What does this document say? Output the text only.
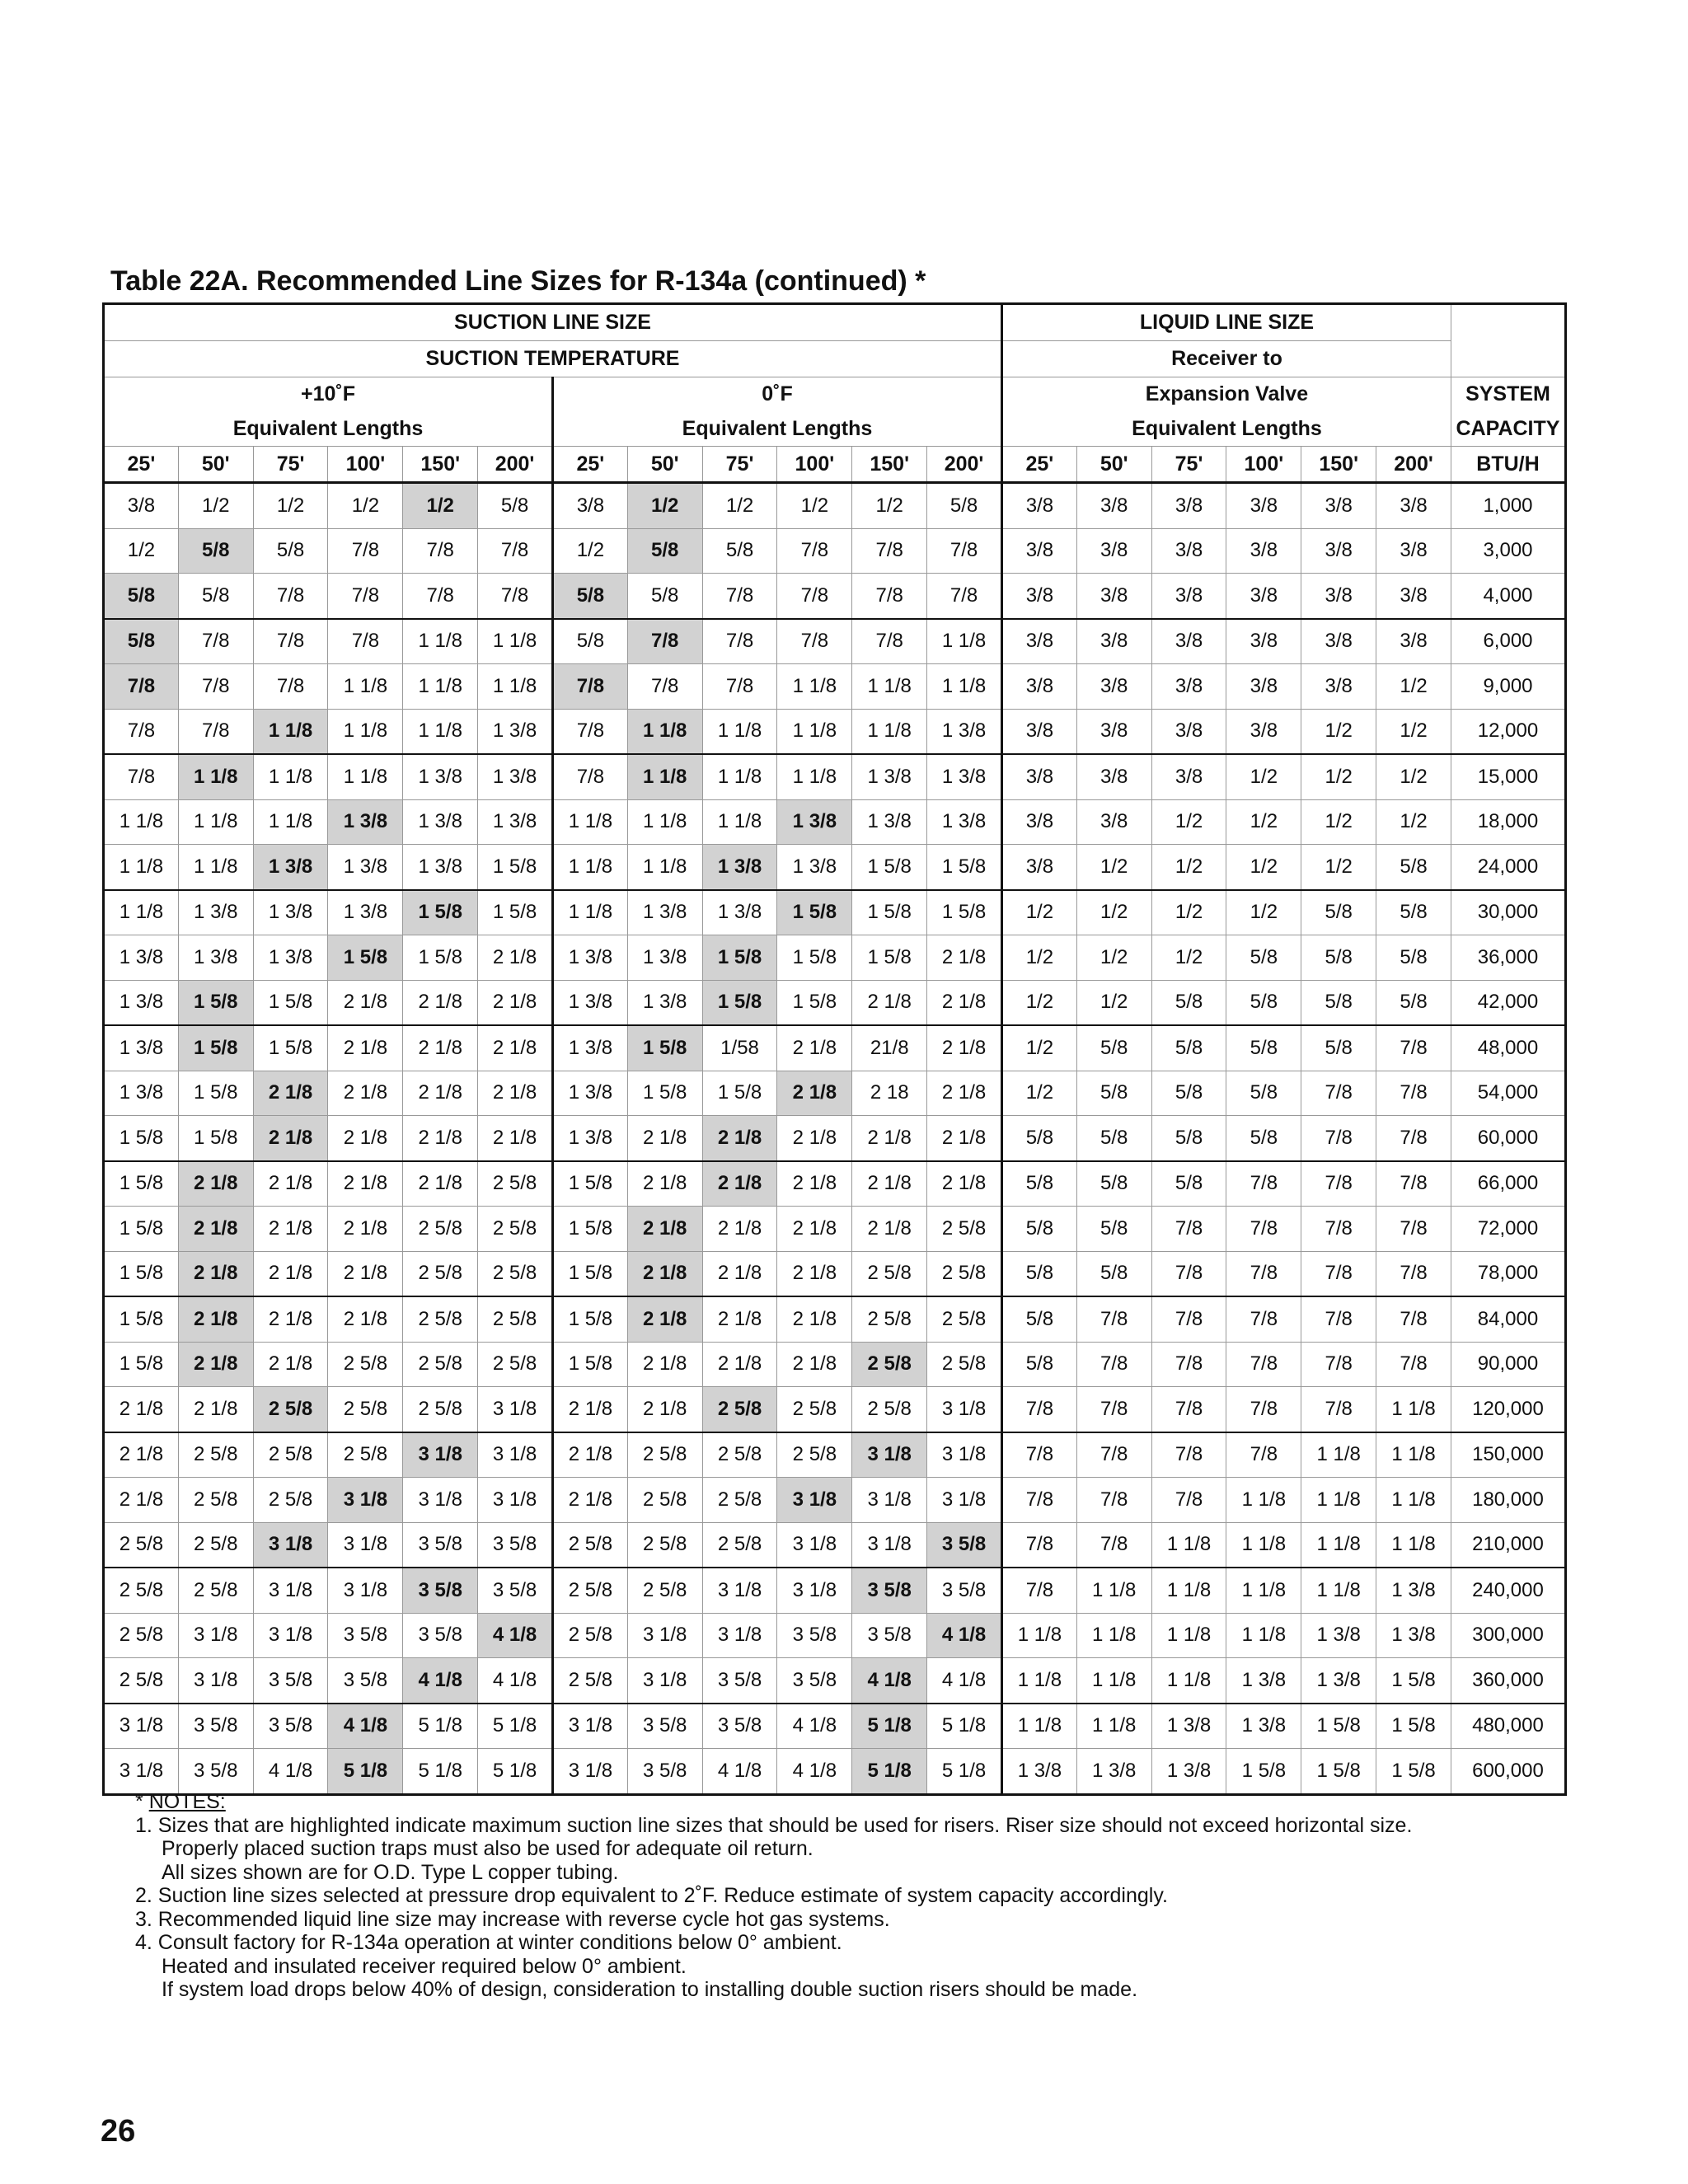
Table 22A. Recommended Line Sizes for R-134a (continued) *
SUCTION LINE SIZE												LIQUID LINE SIZE						
SUCTION TEMPERATURE												Receiver to						
+10˚F						0˚F						Expansion Valve						SYSTEM
Equivalent Lengths						Equivalent Lengths						Equivalent Lengths						CAPACITY
25'	50'	75'	100'	150'	200'	25'	50'	75'	100'	150'	200'	25'	50'	75'	100'	150'	200'	BTU/H
3/8	1/2	1/2	1/2	1/2	5/8	3/8	1/2	1/2	1/2	1/2	5/8	3/8	3/8	3/8	3/8	3/8	3/8	1,000
1/2	5/8	5/8	7/8	7/8	7/8	1/2	5/8	5/8	7/8	7/8	7/8	3/8	3/8	3/8	3/8	3/8	3/8	3,000
5/8	5/8	7/8	7/8	7/8	7/8	5/8	5/8	7/8	7/8	7/8	7/8	3/8	3/8	3/8	3/8	3/8	3/8	4,000
5/8	7/8	7/8	7/8	1 1/8	1 1/8	5/8	7/8	7/8	7/8	7/8	1 1/8	3/8	3/8	3/8	3/8	3/8	3/8	6,000
7/8	7/8	7/8	1 1/8	1 1/8	1 1/8	7/8	7/8	7/8	1 1/8	1 1/8	1 1/8	3/8	3/8	3/8	3/8	3/8	1/2	9,000
7/8	7/8	1 1/8	1 1/8	1 1/8	1 3/8	7/8	1 1/8	1 1/8	1 1/8	1 1/8	1 3/8	3/8	3/8	3/8	3/8	1/2	1/2	12,000
7/8	1 1/8	1 1/8	1 1/8	1 3/8	1 3/8	7/8	1 1/8	1 1/8	1 1/8	1 3/8	1 3/8	3/8	3/8	3/8	1/2	1/2	1/2	15,000
1 1/8	1 1/8	1 1/8	1 3/8	1 3/8	1 3/8	1 1/8	1 1/8	1 1/8	1 3/8	1 3/8	1 3/8	3/8	3/8	1/2	1/2	1/2	1/2	18,000
1 1/8	1 1/8	1 3/8	1 3/8	1 3/8	1 5/8	1 1/8	1 1/8	1 3/8	1 3/8	1 5/8	1 5/8	3/8	1/2	1/2	1/2	1/2	5/8	24,000
1 1/8	1 3/8	1 3/8	1 3/8	1 5/8	1 5/8	1 1/8	1 3/8	1 3/8	1 5/8	1 5/8	1 5/8	1/2	1/2	1/2	1/2	5/8	5/8	30,000
1 3/8	1 3/8	1 3/8	1 5/8	1 5/8	2 1/8	1 3/8	1 3/8	1 5/8	1 5/8	1 5/8	2 1/8	1/2	1/2	1/2	5/8	5/8	5/8	36,000
1 3/8	1 5/8	1 5/8	2 1/8	2 1/8	2 1/8	1 3/8	1 3/8	1 5/8	1 5/8	2 1/8	2 1/8	1/2	1/2	5/8	5/8	5/8	5/8	42,000
1 3/8	1 5/8	1 5/8	2 1/8	2 1/8	2 1/8	1 3/8	1 5/8	1/58	2 1/8	21/8	2 1/8	1/2	5/8	5/8	5/8	5/8	7/8	48,000
1 3/8	1 5/8	2 1/8	2 1/8	2 1/8	2 1/8	1 3/8	1 5/8	1 5/8	2 1/8	2 18	2 1/8	1/2	5/8	5/8	5/8	7/8	7/8	54,000
1 5/8	1 5/8	2 1/8	2 1/8	2 1/8	2 1/8	1 3/8	2 1/8	2 1/8	2 1/8	2 1/8	2 1/8	5/8	5/8	5/8	5/8	7/8	7/8	60,000
1 5/8	2 1/8	2 1/8	2 1/8	2 1/8	2 5/8	1 5/8	2 1/8	2 1/8	2 1/8	2 1/8	2 1/8	5/8	5/8	5/8	7/8	7/8	7/8	66,000
1 5/8	2 1/8	2 1/8	2 1/8	2 5/8	2 5/8	1 5/8	2 1/8	2 1/8	2 1/8	2 1/8	2 5/8	5/8	5/8	7/8	7/8	7/8	7/8	72,000
1 5/8	2 1/8	2 1/8	2 1/8	2 5/8	2 5/8	1 5/8	2 1/8	2 1/8	2 1/8	2 5/8	2 5/8	5/8	5/8	7/8	7/8	7/8	7/8	78,000
1 5/8	2 1/8	2 1/8	2 1/8	2 5/8	2 5/8	1 5/8	2 1/8	2 1/8	2 1/8	2 5/8	2 5/8	5/8	7/8	7/8	7/8	7/8	7/8	84,000
1 5/8	2 1/8	2 1/8	2 5/8	2 5/8	2 5/8	1 5/8	2 1/8	2 1/8	2 1/8	2 5/8	2 5/8	5/8	7/8	7/8	7/8	7/8	7/8	90,000
2 1/8	2 1/8	2 5/8	2 5/8	2 5/8	3 1/8	2 1/8	2 1/8	2 5/8	2 5/8	2 5/8	3 1/8	7/8	7/8	7/8	7/8	7/8	1 1/8	120,000
2 1/8	2 5/8	2 5/8	2 5/8	3 1/8	3 1/8	2 1/8	2 5/8	2 5/8	2 5/8	3 1/8	3 1/8	7/8	7/8	7/8	7/8	1 1/8	1 1/8	150,000
2 1/8	2 5/8	2 5/8	3 1/8	3 1/8	3 1/8	2 1/8	2 5/8	2 5/8	3 1/8	3 1/8	3 1/8	7/8	7/8	7/8	1 1/8	1 1/8	1 1/8	180,000
2 5/8	2 5/8	3 1/8	3 1/8	3 5/8	3 5/8	2 5/8	2 5/8	2 5/8	3 1/8	3 1/8	3 5/8	7/8	7/8	1 1/8	1 1/8	1 1/8	1 1/8	210,000
2 5/8	2 5/8	3 1/8	3 1/8	3 5/8	3 5/8	2 5/8	2 5/8	3 1/8	3 1/8	3 5/8	3 5/8	7/8	1 1/8	1 1/8	1 1/8	1 1/8	1 3/8	240,000
2 5/8	3 1/8	3 1/8	3 5/8	3 5/8	4 1/8	2 5/8	3 1/8	3 1/8	3 5/8	3 5/8	4 1/8	1 1/8	1 1/8	1 1/8	1 1/8	1 3/8	1 3/8	300,000
2 5/8	3 1/8	3 5/8	3 5/8	4 1/8	4 1/8	2 5/8	3 1/8	3 5/8	3 5/8	4 1/8	4 1/8	1 1/8	1 1/8	1 1/8	1 3/8	1 3/8	1 5/8	360,000
3 1/8	3 5/8	3 5/8	4 1/8	5 1/8	5 1/8	3 1/8	3 5/8	3 5/8	4 1/8	5 1/8	5 1/8	1 1/8	1 1/8	1 3/8	1 3/8	1 5/8	1 5/8	480,000
3 1/8	3 5/8	4 1/8	5 1/8	5 1/8	5 1/8	3 1/8	3 5/8	4 1/8	4 1/8	5 1/8	5 1/8	1 3/8	1 3/8	1 3/8	1 5/8	1 5/8	1 5/8	600,000
* NOTES:
1. Sizes that are highlighted indicate maximum suction line sizes that should be used for risers. Riser size should not exceed horizontal size.
Properly placed suction traps must also be used for adequate oil return.
All sizes shown are for O.D. Type L copper tubing.
2. Suction line sizes selected at pressure drop equivalent to 2˚F. Reduce estimate of system capacity accordingly.
3. Recommended liquid line size may increase with reverse cycle hot gas systems.
4. Consult factory for R-134a operation at winter conditions below 0° ambient.
Heated and insulated receiver required below 0° ambient.
If system load drops below 40% of design, consideration to installing double suction risers should be made.
26
